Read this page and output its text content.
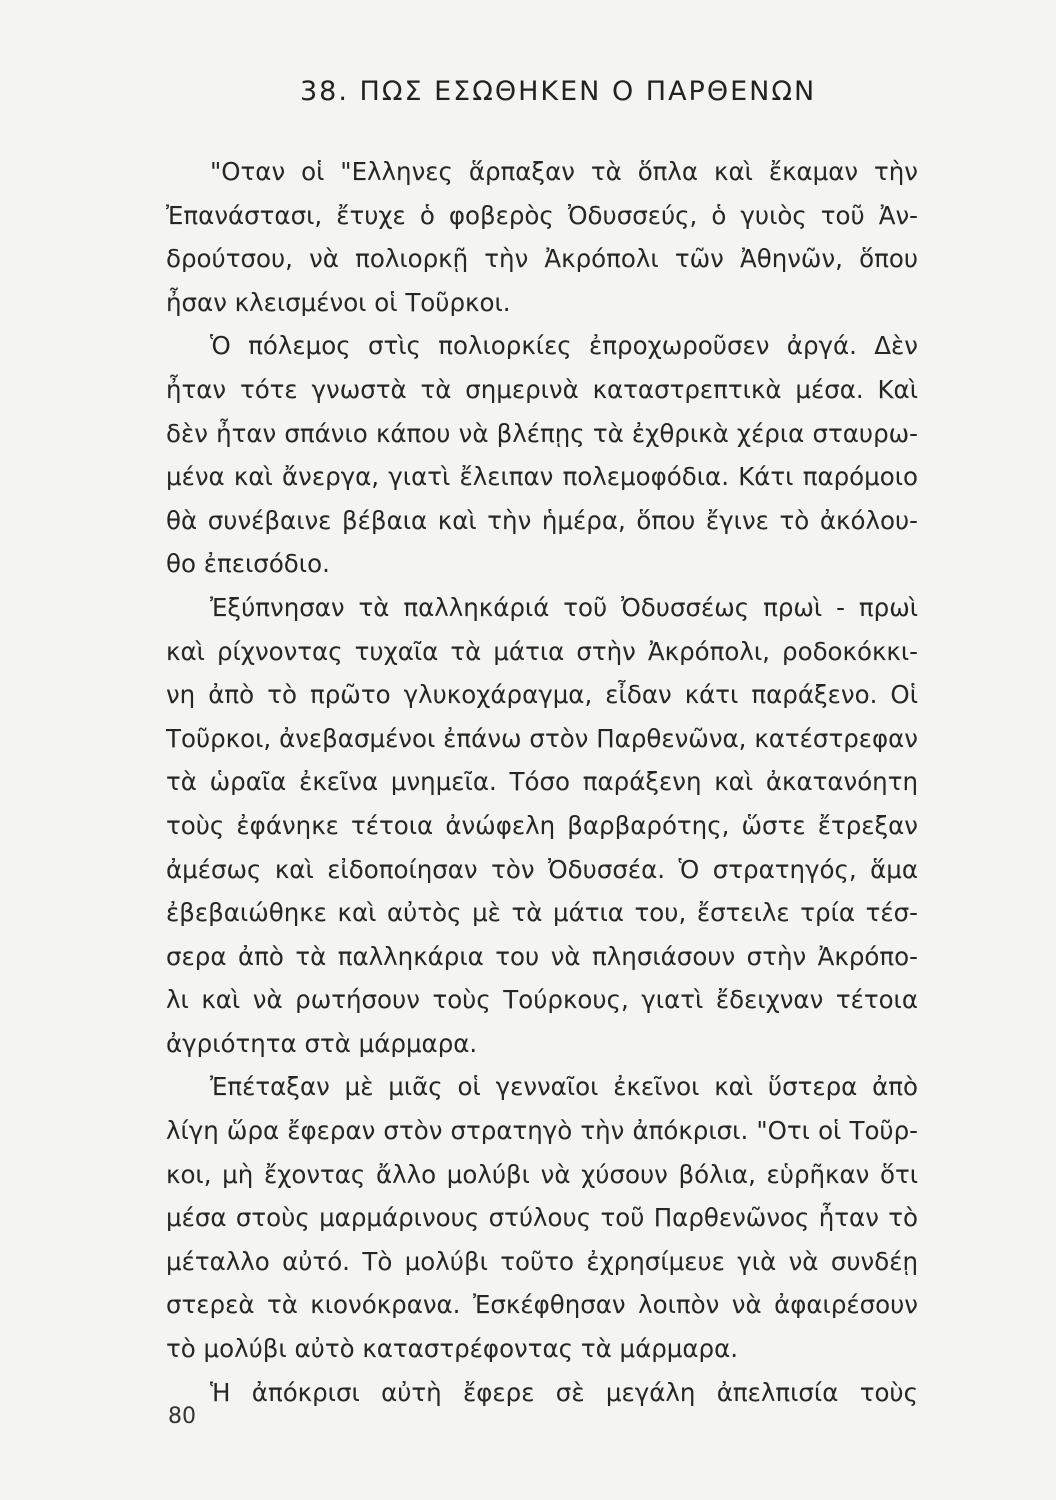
38. ΠΩΣ ΕΣΩΘΗΚΕΝ Ο ΠΑΡΘΕΝΩΝ
"Οταν οἱ "Ελληνες ἅρπαξαν τὰ ὅπλα καὶ ἔκαμαν τὴν
Ἐπανάστασι, ἔτυχε ὁ φοβερὸς Ὀδυσσεύς, ὁ γυιὸς τοῦ Ἀν-
δρούτσου, νὰ πολιορκῇ τὴν Ἀκρόπολι τῶν Ἀθηνῶν, ὅπου
ἦσαν κλεισμένοι οἱ Τοῦρκοι.
Ὁ πόλεμος στὶς πολιορκίες ἐπροχωροῦσεν ἀργά. Δὲν
ἦταν τότε γνωστὰ τὰ σημερινὰ καταστρεπτικὰ μέσα. Καὶ
δὲν ἦταν σπάνιο κάπου νὰ βλέπῃς τὰ ἐχθρικὰ χέρια σταυρω-
μένα καὶ ἄνεργα, γιατὶ ἔλειπαν πολεμοφόδια. Κάτι παρόμοιο
θὰ συνέβαινε βέβαια καὶ τὴν ἡμέρα, ὅπου ἔγινε τὸ ἀκόλου-
θο ἐπεισόδιο.
Ἐξύπνησαν τὰ παλληκάριά τοῦ Ὀδυσσέως πρωὶ - πρωὶ
καὶ ρίχνοντας τυχαῖα τὰ μάτια στὴν Ἀκρόπολι, ροδοκόκκι-
νη ἀπὸ τὸ πρῶτο γλυκοχάραγμα, εἶδαν κάτι παράξενο. Οἱ
Τοῦρκοι, ἀνεβασμένοι ἐπάνω στὸν Παρθενῶνα, κατέστρεφαν
τὰ ὡραῖα ἐκεῖνα μνημεῖα. Τόσο παράξενη καὶ ἀκατανόητη
τοὺς ἐφάνηκε τέτοια ἀνώφελη βαρβαρότης, ὥστε ἔτρεξαν
ἀμέσως καὶ εἰδοποίησαν τὸν Ὀδυσσέα. Ὁ στρατηγός, ἅμα
ἐβεβαιώθηκε καὶ αὐτὸς μὲ τὰ μάτια του, ἔστειλε τρία τέσ-
σερα ἀπὸ τὰ παλληκάρια του νὰ πλησιάσουν στὴν Ἀκρόπο-
λι καὶ νὰ ρωτήσουν τοὺς Τούρκους, γιατὶ ἔδειχναν τέτοια
ἀγριότητα στὰ μάρμαρα.
Ἐπέταξαν μὲ μιᾶς οἱ γενναῖοι ἐκεῖνοι καὶ ὕστερα ἀπὸ
λίγη ὥρα ἔφεραν στὸν στρατηγὸ τὴν ἀπόκρισι. "Οτι οἱ Τοῦρ-
κοι, μὴ ἔχοντας ἄλλο μολύβι νὰ χύσουν βόλια, εὑρῆκαν ὅτι
μέσα στοὺς μαρμάρινους στύλους τοῦ Παρθενῶνος ἦταν τὸ
μέταλλο αὐτό. Τὸ μολύβι τοῦτο ἐχρησίμευε γιὰ νὰ συνδέῃ
στερεὰ τὰ κιονόκρανα. Ἐσκέφθησαν λοιπὸν νὰ ἀφαιρέσουν
τὸ μολύβι αὐτὸ καταστρέφοντας τὰ μάρμαρα.
Ἡ ἀπόκρισι αὐτὴ ἔφερε σὲ μεγάλη ἀπελπισία τοὺς
80
